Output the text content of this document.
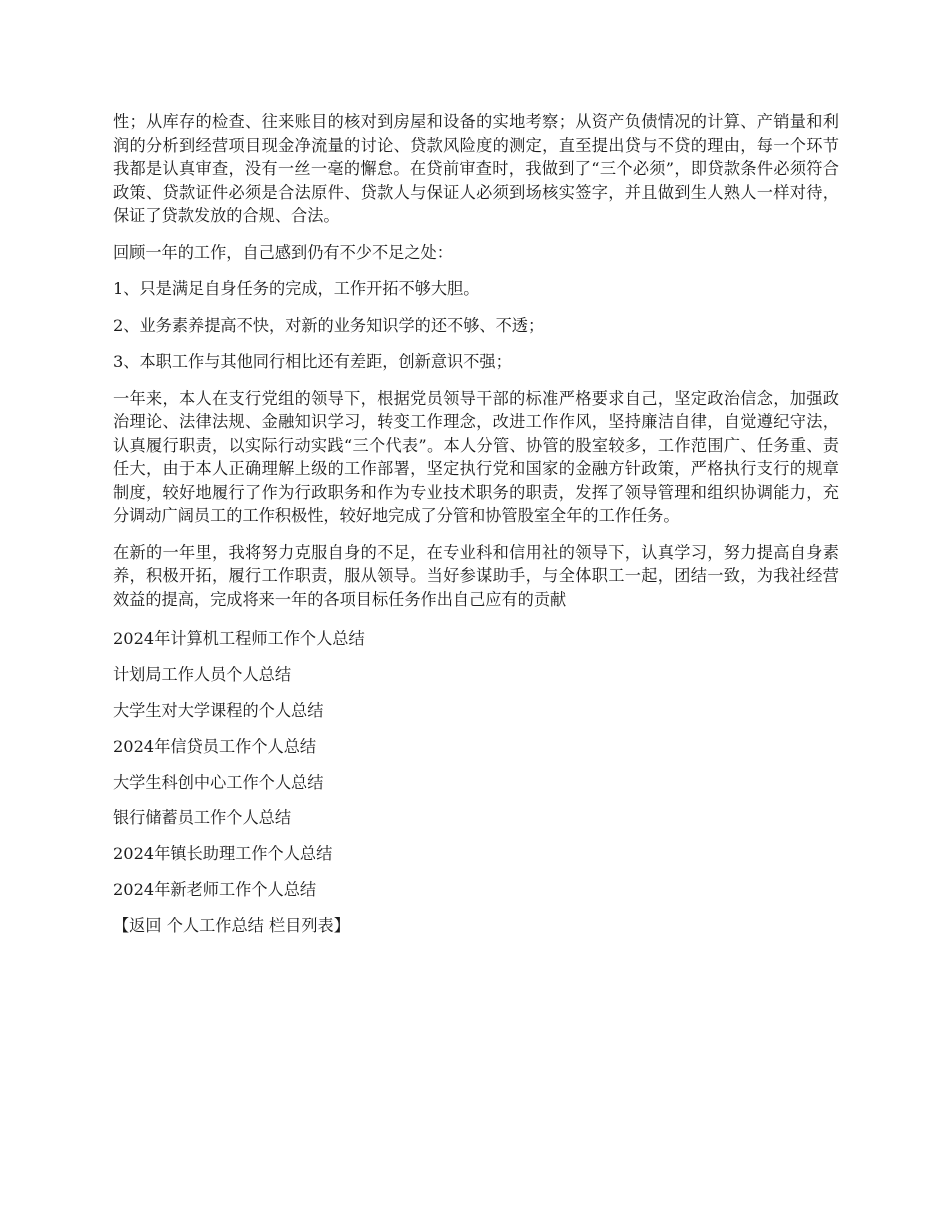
性；从库存的检查、往来账目的核对到房屋和设备的实地考察；从资产负债情况的计算、产销量和利润的分析到经营项目现金净流量的讨论、贷款风险度的测定，直至提出贷与不贷的理由，每一个环节我都是认真审查，没有一丝一毫的懈怠。在贷前审查时，我做到了“三个必须”，即贷款条件必须符合政策、贷款证件必须是合法原件、贷款人与保证人必须到场核实签字，并且做到生人熟人一样对待，保证了贷款发放的合规、合法。

回顾一年的工作，自己感到仍有不少不足之处：

1、只是满足自身任务的完成，工作开拓不够大胆。

2、业务素养提高不快，对新的业务知识学的还不够、不透；

3、本职工作与其他同行相比还有差距，创新意识不强；

一年来，本人在支行党组的领导下，根据党员领导干部的标准严格要求自己，坚定政治信念，加强政治理论、法律法规、金融知识学习，转变工作理念，改进工作作风，坚持廉洁自律，自觉遵纪守法，认真履行职责，以实际行动实践“三个代表”。本人分管、协管的股室较多，工作范围广、任务重、责任大，由于本人正确理解上级的工作部署，坚定执行党和国家的金融方针政策，严格执行支行的规章制度，较好地履行了作为行政职务和作为专业技术职务的职责，发挥了领导管理和组织协调能力，充分调动广阔员工的工作积极性，较好地完成了分管和协管股室全年的工作任务。

在新的一年里，我将努力克服自身的不足，在专业科和信用社的领导下，认真学习，努力提高自身素养，积极开拓，履行工作职责，服从领导。当好参谋助手，与全体职工一起，团结一致，为我社经营效益的提高，完成将来一年的各项目标任务作出自己应有的贡献

2024年计算机工程师工作个人总结
计划局工作人员个人总结
大学生对大学课程的个人总结
2024年信贷员工作个人总结
大学生科创中心工作个人总结
银行储蓄员工作个人总结
2024年镇长助理工作个人总结
2024年新老师工作个人总结

【返回 个人工作总结 栏目列表】
